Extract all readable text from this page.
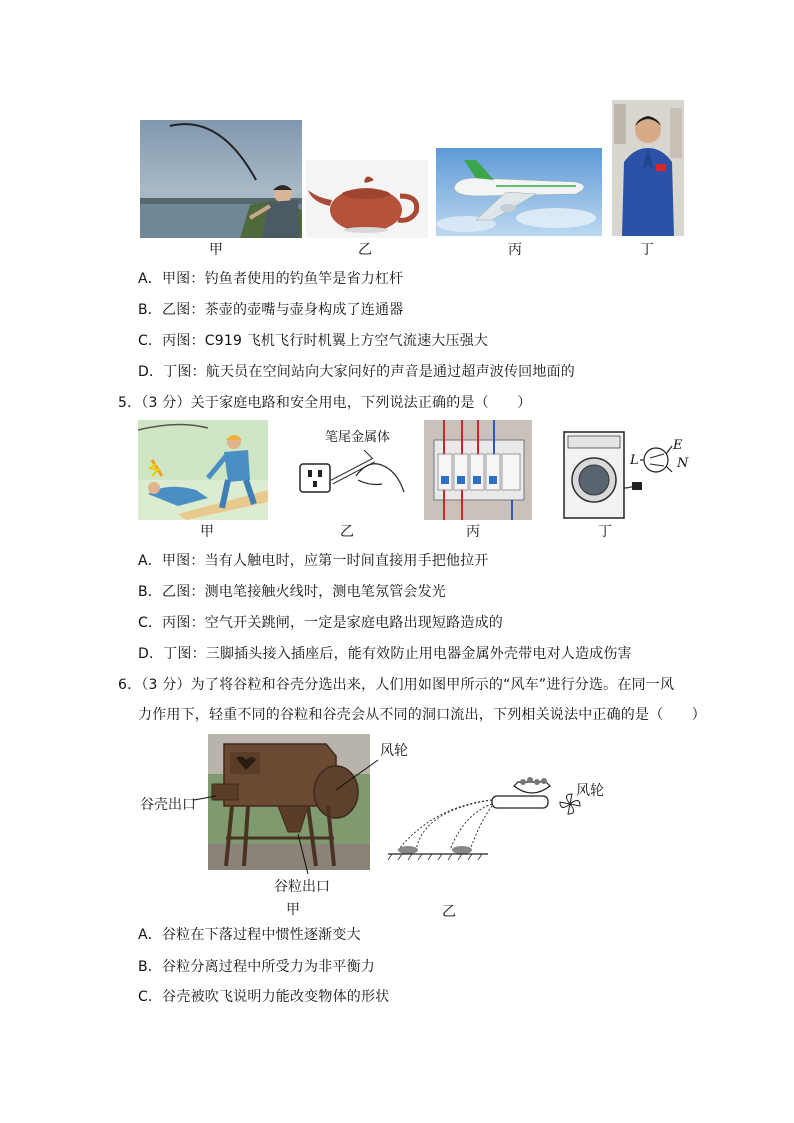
甲	乙	丙	丁
A．甲图：钓鱼者使用的钓鱼竿是省力杠杆
B．乙图：茶壶的壶嘴与壶身构成了连通器
C．丙图：C919 飞机飞行时机翼上方空气流速大压强大
D．丁图：航天员在空间站向大家问好的声音是通过超声波传回地面的
5．（3 分）关于家庭电路和安全用电，下列说法正确的是（　　）
笔尾金属体
L
E
N
甲	乙	丙	丁
A．甲图：当有人触电时，应第一时间直接用手把他拉开
B．乙图：测电笔接触火线时，测电笔氖管会发光
C．丙图：空气开关跳闸，一定是家庭电路出现短路造成的
D．丁图：三脚插头接入插座后，能有效防止用电器金属外壳带电对人造成伤害
6．（3 分）为了将谷粒和谷壳分选出来，人们用如图甲所示的“风车”进行分选。在同一风
力作用下，轻重不同的谷粒和谷壳会从不同的洞口流出，下列相关说法中正确的是（　　）
风轮
谷壳出口
谷粒出口
风轮
甲	乙
A．谷粒在下落过程中惯性逐渐变大
B．谷粒分离过程中所受力为非平衡力
C．谷壳被吹飞说明力能改变物体的形状
